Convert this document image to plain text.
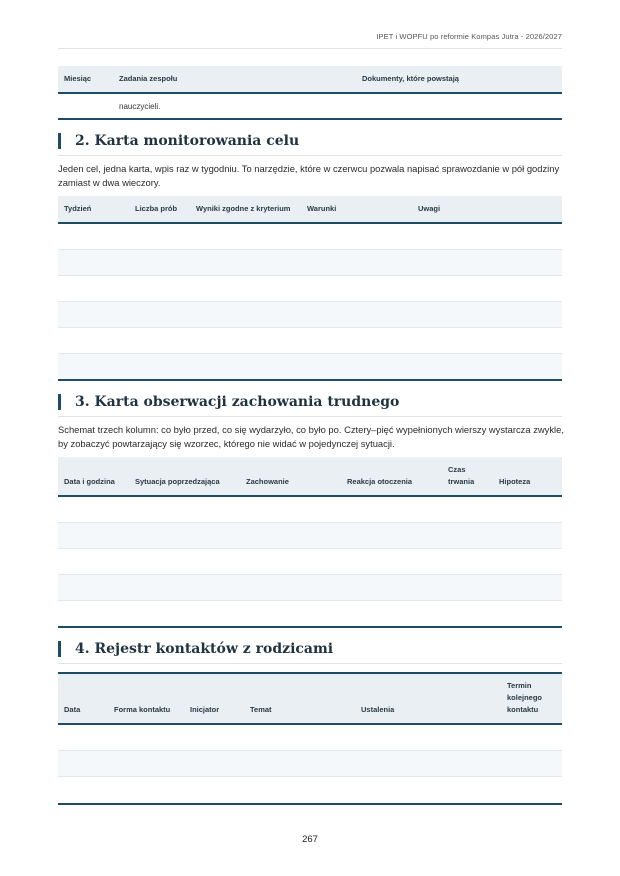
IPET i WOPFU po reformie Kompas Jutra - 2026/2027
Miesiąc	Zadania zespołu	Dokumenty, które powstają
	nauczycieli.	
2. Karta monitorowania celu
Jeden cel, jedna karta, wpis raz w tygodniu. To narzędzie, które w czerwcu pozwala napisać sprawozdanie w pół godziny zamiast w dwa wieczory.
Tydzień	Liczba prób	Wyniki zgodne z kryterium	Warunki	Uwagi

3. Karta obserwacji zachowania trudnego
Schemat trzech kolumn: co było przed, co się wydarzyło, co było po. Cztery–pięć wypełnionych wierszy wystarcza zwykle, by zobaczyć powtarzający się wzorzec, którego nie widać w pojedynczej sytuacji.
Data i godzina	Sytuacja poprzedzająca	Zachowanie	Reakcja otoczenia	Czas trwania	Hipoteza

4. Rejestr kontaktów z rodzicami
Data	Forma kontaktu	Inicjator	Temat	Ustalenia	Termin kolejnego kontaktu

267
